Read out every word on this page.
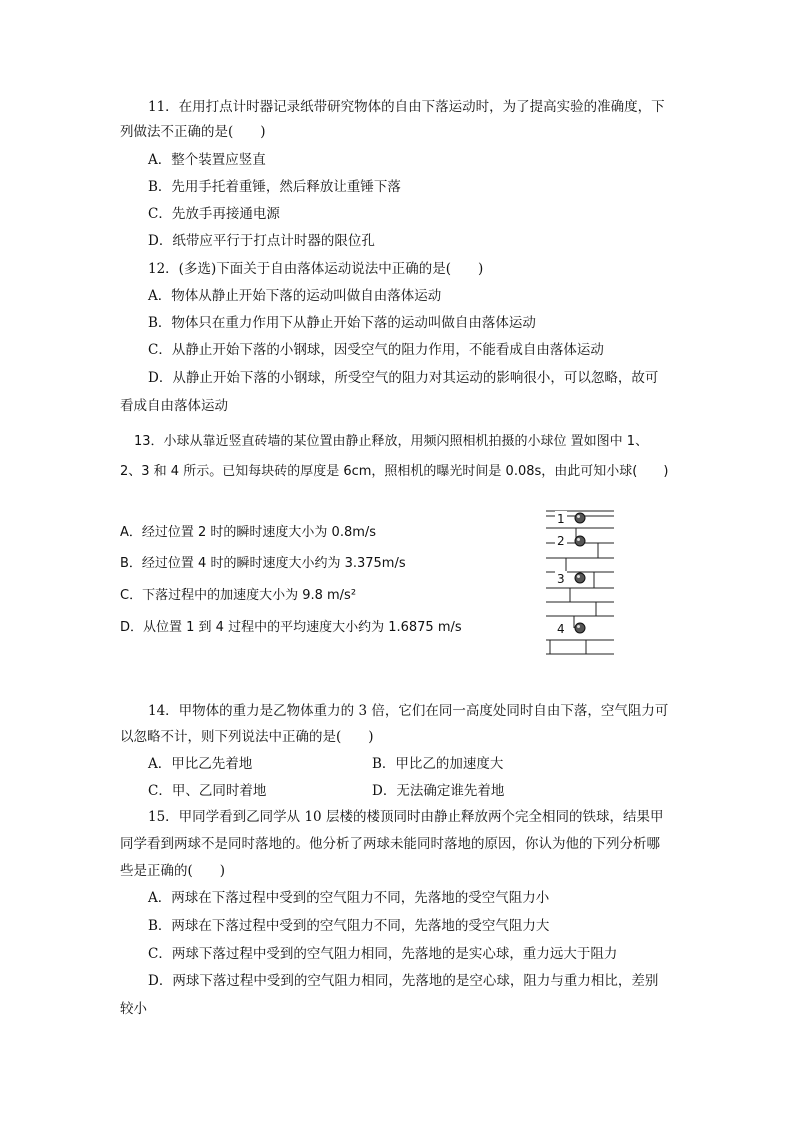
11．在用打点计时器记录纸带研究物体的自由下落运动时，为了提高实验的准确度，下
列做法不正确的是(　　)
A．整个装置应竖直
B．先用手托着重锤，然后释放让重锤下落
C．先放手再接通电源
D．纸带应平行于打点计时器的限位孔
12．(多选)下面关于自由落体运动说法中正确的是(　　)
A．物体从静止开始下落的运动叫做自由落体运动
B．物体只在重力作用下从静止开始下落的运动叫做自由落体运动
C．从静止开始下落的小钢球，因受空气的阻力作用，不能看成自由落体运动
D．从静止开始下落的小钢球，所受空气的阻力对其运动的影响很小，可以忽略，故可
看成自由落体运动
13．小球从靠近竖直砖墙的某位置由静止释放，用频闪照相机拍摄的小球位 置如图中 1、
2、3 和 4 所示。已知每块砖的厚度是 6cm，照相机的曝光时间是 0.08s，由此可知小球(　　)
A．经过位置 2 时的瞬时速度大小为 0.8m/s
B．经过位置 4 时的瞬时速度大小约为 3.375m/s
C．下落过程中的加速度大小为 9.8 m/s²
D．从位置 1 到 4 过程中的平均速度大小约为 1.6875 m/s
1
2
3
4
14．甲物体的重力是乙物体重力的 3 倍，它们在同一高度处同时自由下落，空气阻力可
以忽略不计，则下列说法中正确的是(　　)
A．甲比乙先着地	B．甲比乙的加速度大
C．甲、乙同时着地	D．无法确定谁先着地
15．甲同学看到乙同学从 10 层楼的楼顶同时由静止释放两个完全相同的铁球，结果甲
同学看到两球不是同时落地的。他分析了两球未能同时落地的原因，你认为他的下列分析哪
些是正确的(　　)
A．两球在下落过程中受到的空气阻力不同，先落地的受空气阻力小
B．两球在下落过程中受到的空气阻力不同，先落地的受空气阻力大
C．两球下落过程中受到的空气阻力相同，先落地的是实心球，重力远大于阻力
D．两球下落过程中受到的空气阻力相同，先落地的是空心球，阻力与重力相比，差别
较小
